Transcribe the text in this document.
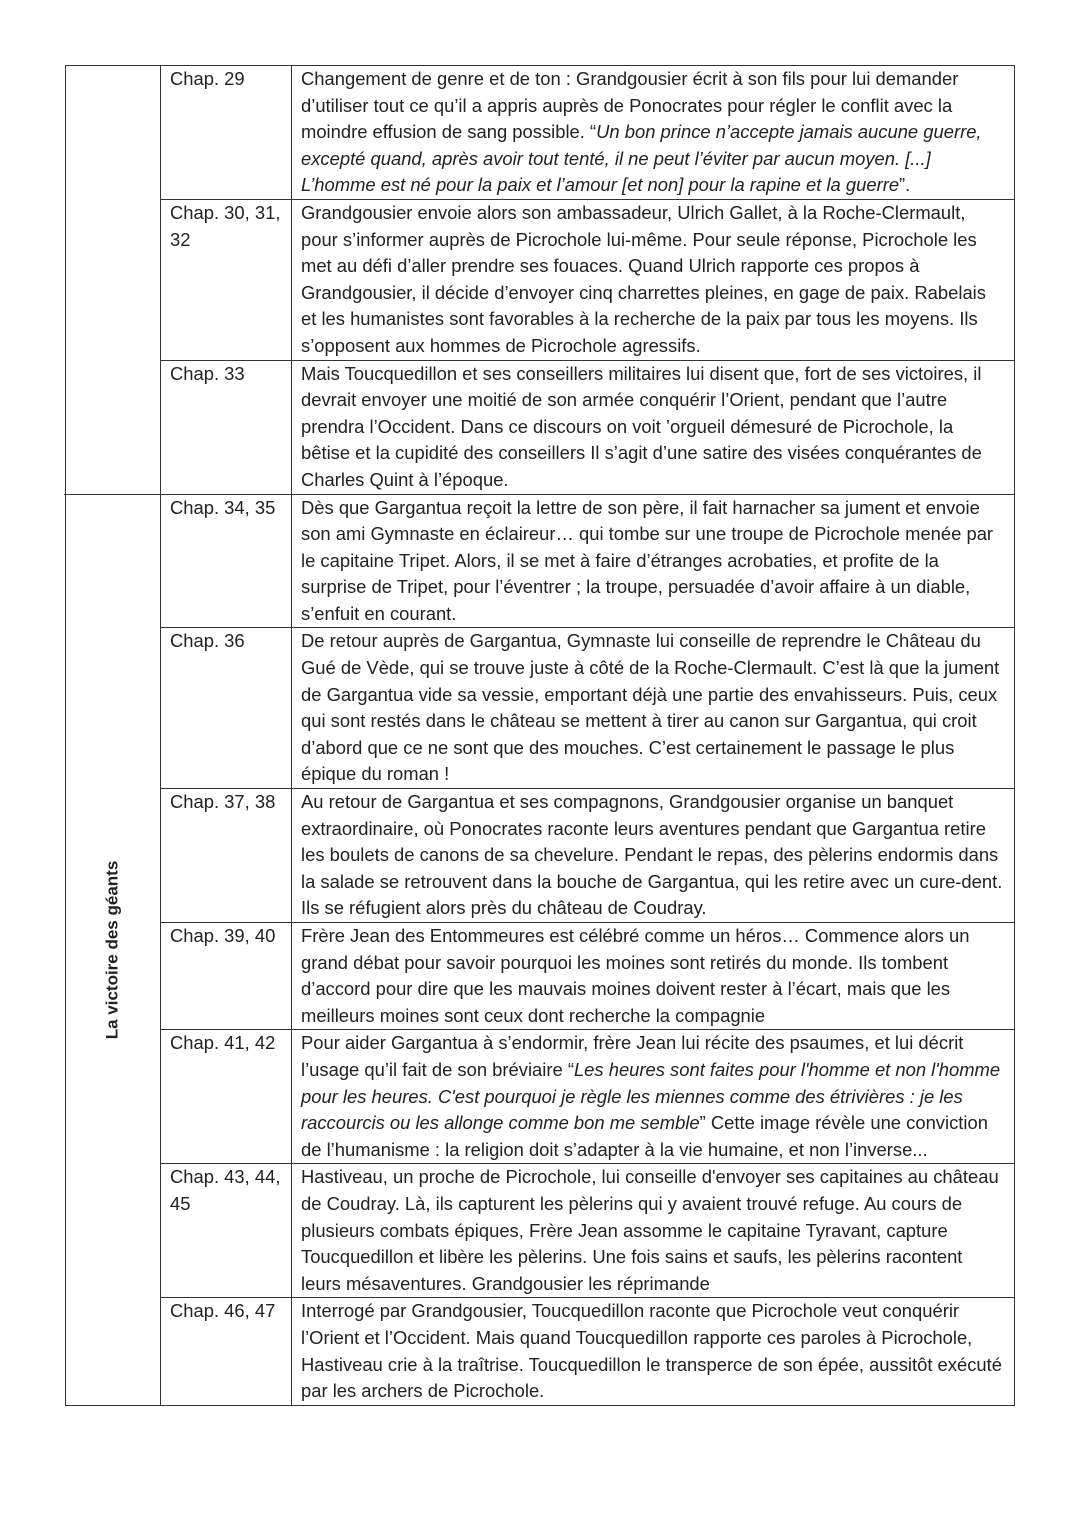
	Chap. 29	Changement de genre et de ton : Grandgousier écrit à son fils pour lui demander d’utiliser tout ce qu’il a appris auprès de Ponocrates pour régler le conflit avec la moindre effusion de sang possible. “Un bon prince n’accepte jamais aucune guerre, excepté quand, après avoir tout tenté, il ne peut l’éviter par aucun moyen. [...] L’homme est né pour la paix et l’amour [et non] pour la rapine et la guerre”.
	Chap. 30, 31, 32	Grandgousier envoie alors son ambassadeur, Ulrich Gallet, à la Roche-Clermault, pour s’informer auprès de Picrochole lui-même. Pour seule réponse, Picrochole les met au défi d’aller prendre ses fouaces. Quand Ulrich rapporte ces propos à Grandgousier, il décide d’envoyer cinq charrettes pleines, en gage de paix. Rabelais et les humanistes sont favorables à la recherche de la paix par tous les moyens. Ils s’opposent aux hommes de Picrochole agressifs.
	Chap. 33	Mais Toucquedillon et ses conseillers militaires lui disent que, fort de ses victoires, il devrait envoyer une moitié de son armée conquérir l’Orient, pendant que l’autre prendra l’Occident. Dans ce discours on voit ’orgueil démesuré de Picrochole, la bêtise et la cupidité des conseillers Il s’agit d’une satire des visées conquérantes de Charles Quint à l’époque.

La victoire des géants	Chap. 34, 35	Dès que Gargantua reçoit la lettre de son père, il fait harnacher sa jument et envoie son ami Gymnaste en éclaireur… qui tombe sur une troupe de Picrochole menée par le capitaine Tripet. Alors, il se met à faire d’étranges acrobaties, et profite de la surprise de Tripet, pour l’éventrer ; la troupe, persuadée d’avoir affaire à un diable, s’enfuit en courant.
	Chap. 36	De retour auprès de Gargantua, Gymnaste lui conseille de reprendre le Château du Gué de Vède, qui se trouve juste à côté de la Roche-Clermault. C’est là que la jument de Gargantua vide sa vessie, emportant déjà une partie des envahisseurs. Puis, ceux qui sont restés dans le château se mettent à tirer au canon sur Gargantua, qui croit d’abord que ce ne sont que des mouches. C’est certainement le passage le plus épique du roman !
	Chap. 37, 38	Au retour de Gargantua et ses compagnons, Grandgousier organise un banquet extraordinaire, où Ponocrates raconte leurs aventures pendant que Gargantua retire les boulets de canons de sa chevelure. Pendant le repas, des pèlerins endormis dans la salade se retrouvent dans la bouche de Gargantua, qui les retire avec un cure-dent. Ils se réfugient alors près du château de Coudray.
	Chap. 39, 40	Frère Jean des Entommeures est célébré comme un héros… Commence alors un grand débat pour savoir pourquoi les moines sont retirés du monde. Ils tombent d’accord pour dire que les mauvais moines doivent rester à l’écart, mais que les meilleurs moines sont ceux dont recherche la compagnie
	Chap. 41, 42	Pour aider Gargantua à s’endormir, frère Jean lui récite des psaumes, et lui décrit l’usage qu’il fait de son bréviaire “Les heures sont faites pour l'homme et non l'homme pour les heures. C'est pourquoi je règle les miennes comme des étrivières : je les raccourcis ou les allonge comme bon me semble” Cette image révèle une conviction de l’humanisme : la religion doit s’adapter à la vie humaine, et non l’inverse...
	Chap. 43, 44, 45	Hastiveau, un proche de Picrochole, lui conseille d'envoyer ses capitaines au château de Coudray. Là, ils capturent les pèlerins qui y avaient trouvé refuge. Au cours de plusieurs combats épiques, Frère Jean assomme le capitaine Tyravant, capture Toucquedillon et libère les pèlerins. Une fois sains et saufs, les pèlerins racontent leurs mésaventures. Grandgousier les réprimande
	Chap. 46, 47	Interrogé par Grandgousier, Toucquedillon raconte que Picrochole veut conquérir l’Orient et l’Occident. Mais quand Toucquedillon rapporte ces paroles à Picrochole, Hastiveau crie à la traîtrise. Toucquedillon le transperce de son épée, aussitôt exécuté par les archers de Picrochole.
